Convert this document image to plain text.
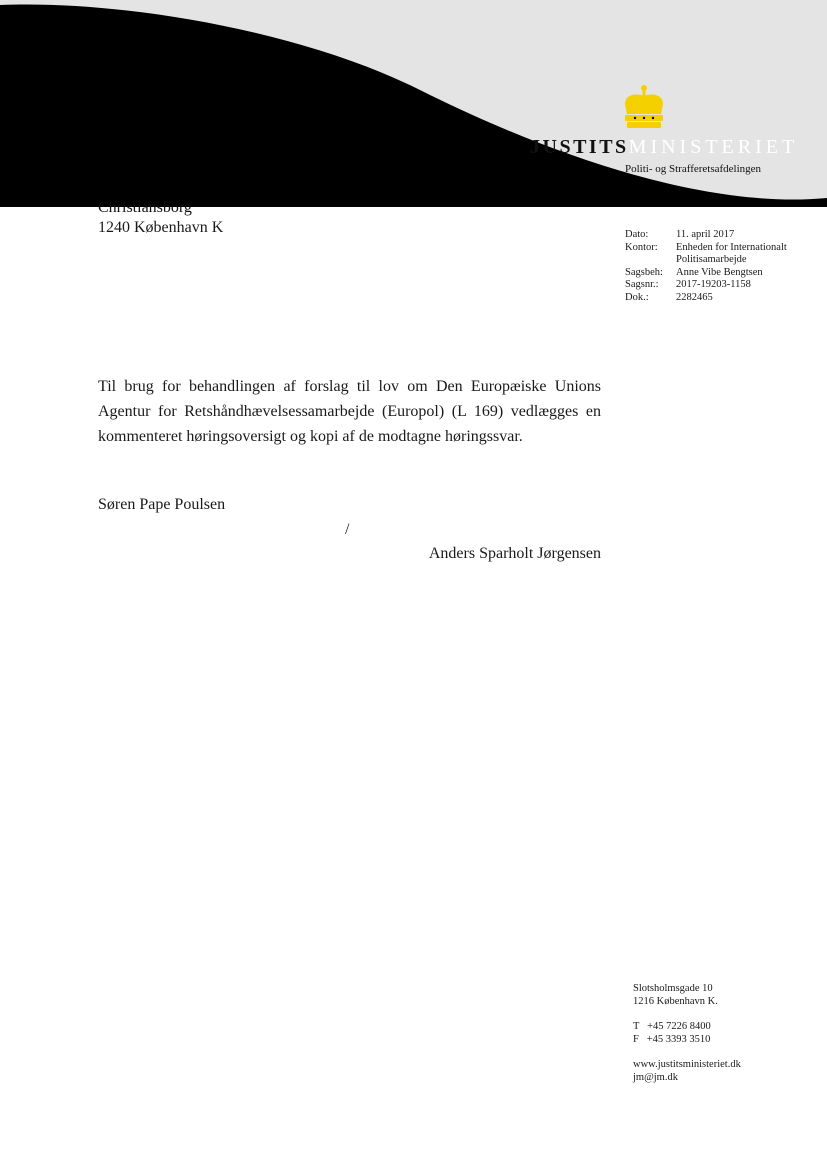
JUSTITSMINISTERIET
Politi- og Strafferetsafdelingen
Christiansborg
1240 København K	Dato:	11. april 2017
Kontor:	Enheden for Internationalt
	Politisamarbejde
Sagsbeh:	Anne Vibe Bengtsen
Sagsnr.:	2017-19203-1158
Dok.:	2282465
Til brug for behandlingen af forslag til lov om Den Europæiske Unions Agentur for Retshåndhævelsessamarbejde (Europol) (L 169) vedlægges en kommenteret høringsoversigt og kopi af de modtagne høringssvar.
Søren Pape Poulsen
/
Anders Sparholt Jørgensen
Slotsholmsgade 10
1216 København K.
T   +45 7226 8400
F   +45 3393 3510
www.justitsministeriet.dk
jm@jm.dk
